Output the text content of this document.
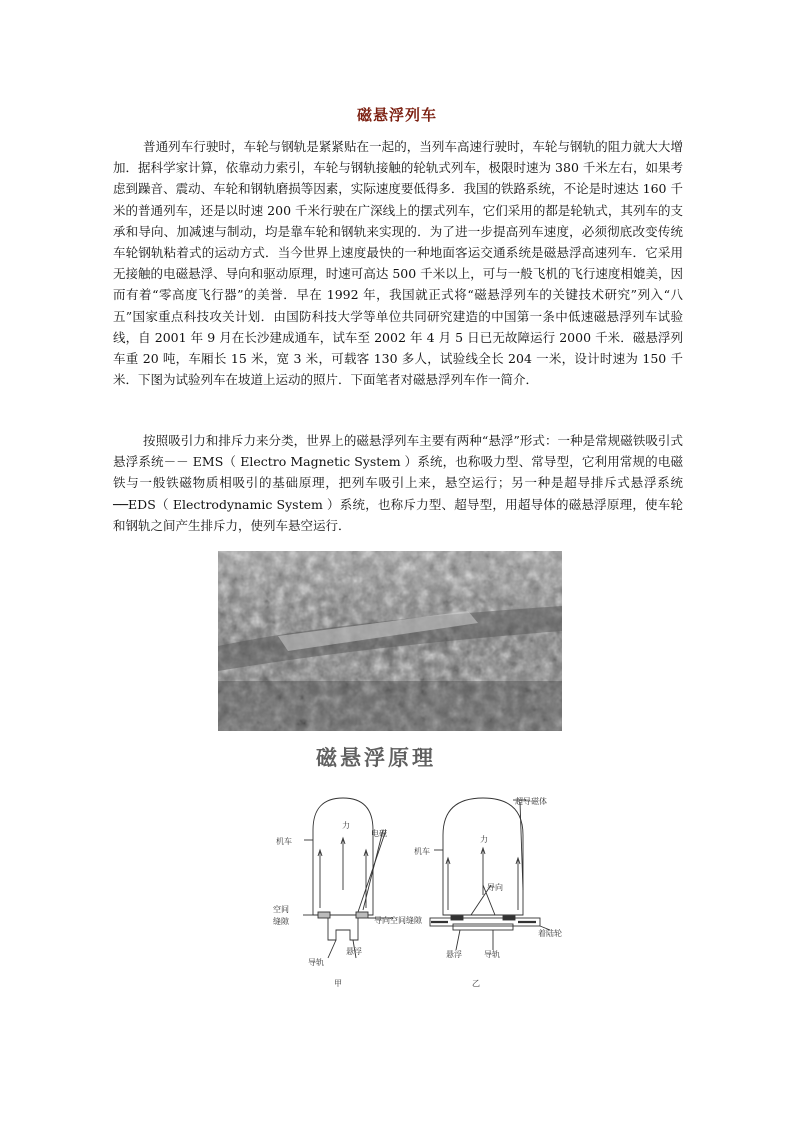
磁悬浮列车

普通列车行驶时，车轮与钢轨是紧紧贴在一起的，当列车高速行驶时，车轮与钢轨的阻力就大大增加．据科学家计算，依靠动力索引，车轮与钢轨接触的轮轨式列车，极限时速为 380 千米左右，如果考虑到躁音、震动、车轮和钢轨磨损等因素，实际速度要低得多．我国的铁路系统，不论是时速达 160 千米的普通列车，还是以时速 200 千米行驶在广深线上的摆式列车，它们采用的都是轮轨式，其列车的支承和导向、加减速与制动，均是靠车轮和钢轨来实现的．为了进一步提高列车速度，必须彻底改变传统车轮钢轨粘着式的运动方式．当今世界上速度最快的一种地面客运交通系统是磁悬浮高速列车．它采用无接触的电磁悬浮、导向和驱动原理，时速可高达 500 千米以上，可与一般飞机的飞行速度相媲美，因而有着“零高度飞行器”的美誉．早在 1992 年，我国就正式将“磁悬浮列车的关键技术研究”列入“八五”国家重点科技攻关计划．由国防科技大学等单位共同研究建造的中国第一条中低速磁悬浮列车试验线，自 2001 年 9 月在长沙建成通车，试车至 2002 年 4 月 5 日已无故障运行 2000 千米．磁悬浮列车重 20 吨，车厢长 15 米，宽 3 米，可载客 130 多人，试验线全长 204 一米，设计时速为 150 千米．下图为试验列车在坡道上运动的照片．下面笔者对磁悬浮列车作一简介．

按照吸引力和排斥力来分类，世界上的磁悬浮列车主要有两种“悬浮”形式：一种是常规磁铁吸引式悬浮系统－－ EMS（ Electro Magnetic System ）系统，也称吸力型、常导型，它利用常规的电磁铁与一般铁磁物质相吸引的基础原理，把列车吸引上来，悬空运行；另一种是超导排斥式悬浮系统──EDS（ Electrodynamic System ）系统，也称斥力型、超导型，用超导体的磁悬浮原理，使车轮和钢轨之间产生排斥力，使列车悬空运行．

磁悬浮原理
机车
力
电磁
空间
缝隙	导向空间缝隙
导轨
悬浮
甲
超导磁体
机车
力
导向
着陆轮
悬浮	导轨
乙
